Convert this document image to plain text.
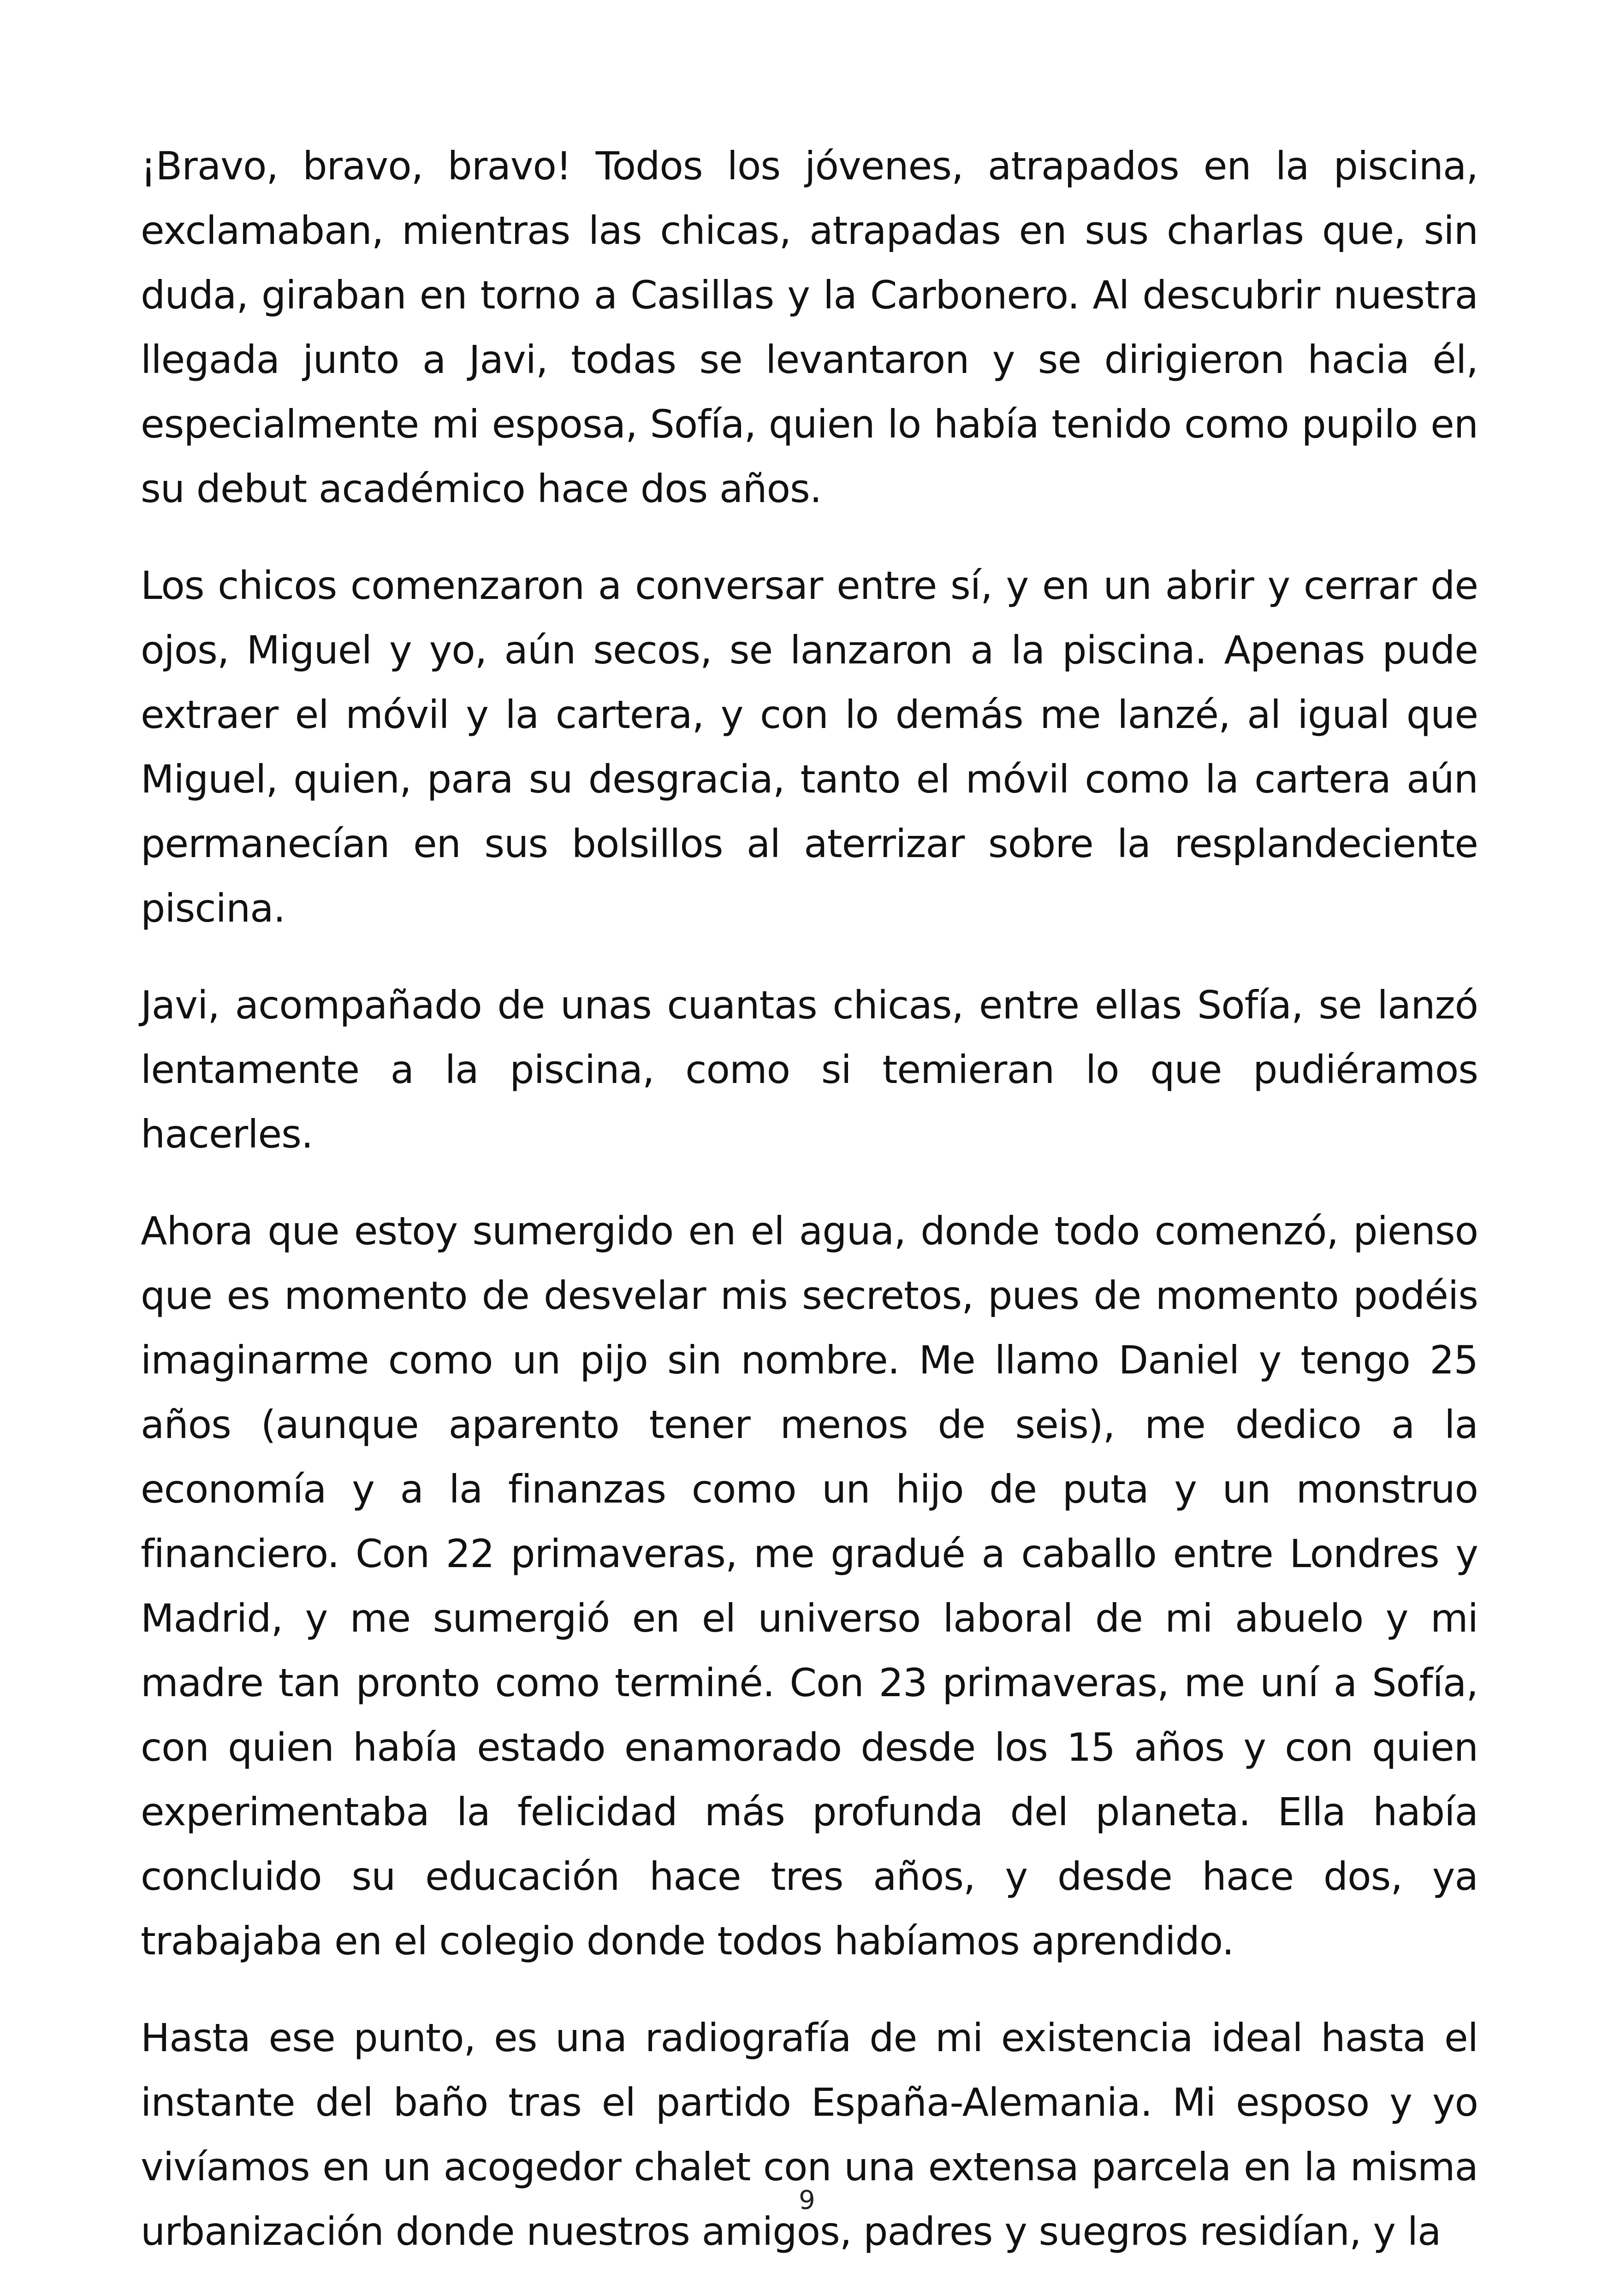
¡Bravo, bravo, bravo! Todos los jóvenes, atrapados en la piscina, exclamaban, mientras las chicas, atrapadas en sus charlas que, sin duda, giraban en torno a Casillas y la Carbonero. Al descubrir nuestra llegada junto a Javi, todas se levantaron y se dirigieron hacia él, especialmente mi esposa, Sofía, quien lo había tenido como pupilo en su debut académico hace dos años.

Los chicos comenzaron a conversar entre sí, y en un abrir y cerrar de ojos, Miguel y yo, aún secos, se lanzaron a la piscina. Apenas pude extraer el móvil y la cartera, y con lo demás me lanzé, al igual que Miguel, quien, para su desgracia, tanto el móvil como la cartera aún permanecían en sus bolsillos al aterrizar sobre la resplandeciente piscina.

Javi, acompañado de unas cuantas chicas, entre ellas Sofía, se lanzó lentamente a la piscina, como si temieran lo que pudiéramos hacerles.

Ahora que estoy sumergido en el agua, donde todo comenzó, pienso que es momento de desvelar mis secretos, pues de momento podéis imaginarme como un pijo sin nombre. Me llamo Daniel y tengo 25 años (aunque aparento tener menos de seis), me dedico a la economía y a la finanzas como un hijo de puta y un monstruo financiero. Con 22 primaveras, me gradué a caballo entre Londres y Madrid, y me sumergió en el universo laboral de mi abuelo y mi madre tan pronto como terminé. Con 23 primaveras, me uní a Sofía, con quien había estado enamorado desde los 15 años y con quien experimentaba la felicidad más profunda del planeta. Ella había concluido su educación hace tres años, y desde hace dos, ya trabajaba en el colegio donde todos habíamos aprendido.

Hasta ese punto, es una radiografía de mi existencia ideal hasta el instante del baño tras el partido España-Alemania. Mi esposo y yo vivíamos en un acogedor chalet con una extensa parcela en la misma urbanización donde nuestros amigos, padres y suegros residían, y la

9
